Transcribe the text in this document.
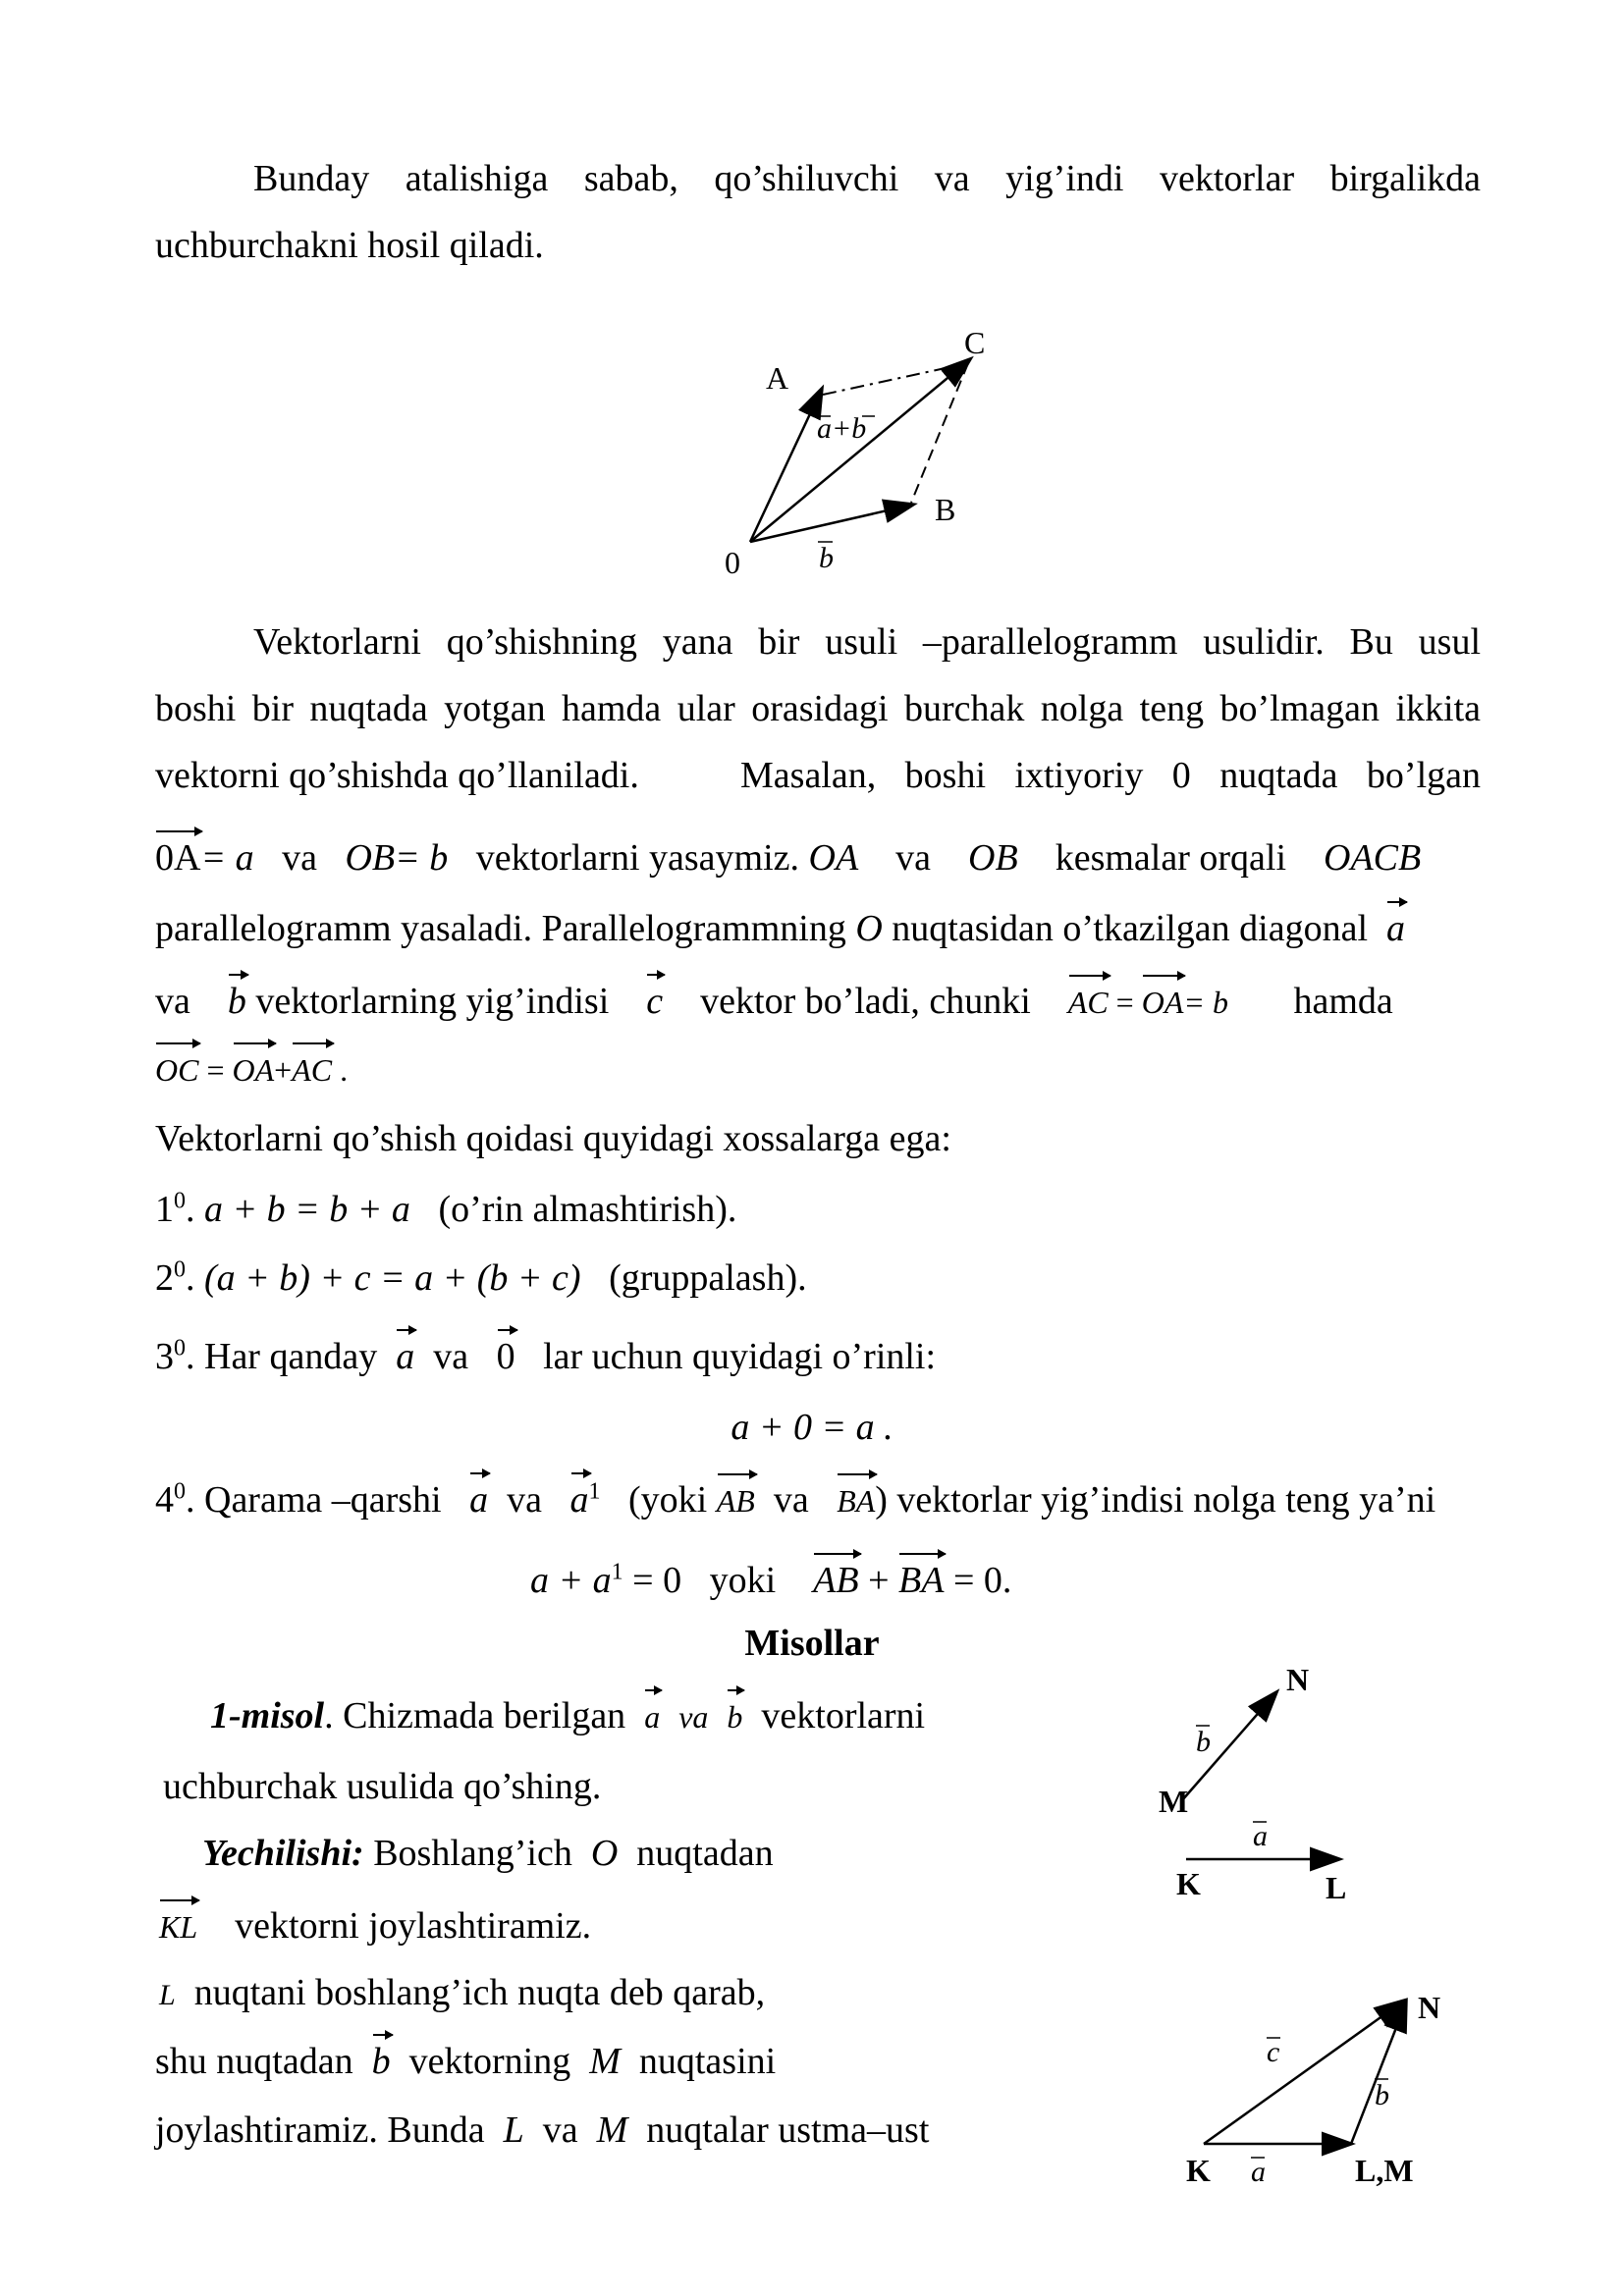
Bunday atalishiga sabab, qo’shiluvchi va yig’indi vektorlar birgalikda
uchburchakni hosil qiladi.
A
C
B
0
a+b
b
Vektorlarni qo’shishning yana bir usuli –parallelogramm usulidir. Bu usul
boshi bir nuqtada yotgan hamda ular orasidagi burchak nolga teng bo’lmagan ikkita
vektorni qo’shishda qo’llaniladi.	Masalan, boshi ixtiyoriy 0 nuqtada bo’lgan
0A= a va OB= b vektorlarni yasaymiz. OA va OB kesmalar orqali OACB
parallelogramm yasaladi. Parallelogrammning O nuqtasidan o’tkazilgan diagonal a
va b vektorlarning yig’indisi c vektor bo’ladi, chunki AC = OA= b hamda
OC = OA+AC .
Vektorlarni qo’shish qoidasi quyidagi xossalarga ega:
$1^0$. a + b = b + a (o’rin almashtirish).
$2^0$. (a + b) + c = a + (b + c) (gruppalash).
$3^0$. Har qanday a va 0 lar uchun quyidagi o’rinli:
a + 0 = a .
$4^0$. Qarama –qarshi a va $a^1$ (yoki AB va BA) vektorlar yig’indisi nolga teng ya’ni
$a + a^1 = 0$ yoki AB + BA = 0.
Misollar
1-misol. Chizmada berilgan a va b vektorlarni
uchburchak usulida qo’shing.
Yechilishi: Boshlang’ich O nuqtadan
KL vektorni joylashtiramiz.
L nuqtani boshlang’ich nuqta deb qarab,
shu nuqtadan b vektorning M nuqtasini
joylashtiramiz. Bunda L va M nuqtalar ustma–ust
N
M
b
a
K	L
N
c
b
K a	L,M
